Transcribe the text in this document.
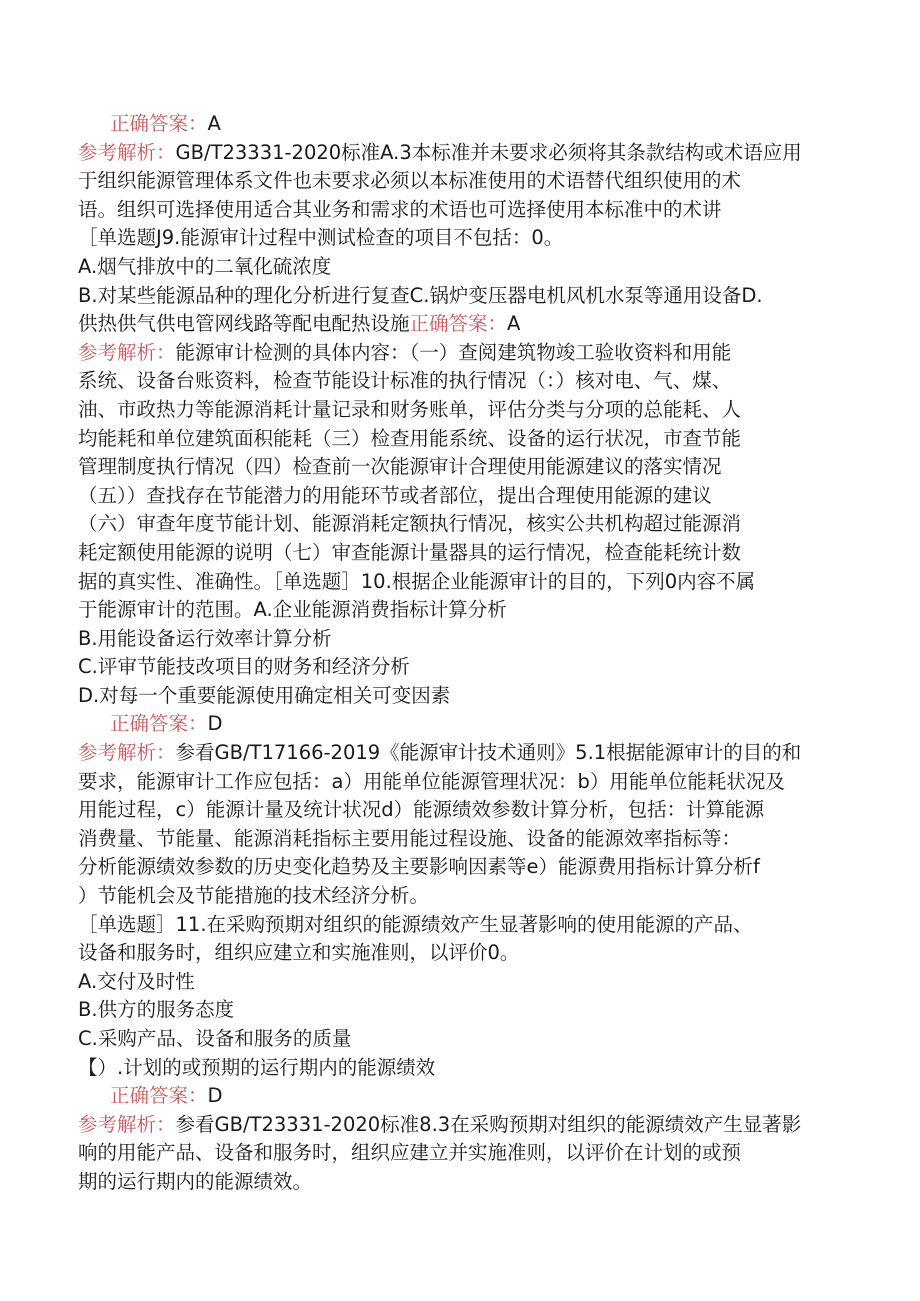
正确答案：A
参考解析：GB/T23331-2020标准A.3本标准并未要求必须将其条款结构或术语应用
于组织能源管理体系文件也未要求必须以本标准使用的术语替代组织使用的术
语。组织可选择使用适合其业务和需求的术语也可选择使用本标准中的术讲
［单选题J9.能源审计过程中测试检查的项目不包括：0。
A.烟气排放中的二氧化硫浓度
B.对某些能源品种的理化分析进行复查C.锅炉变压器电机风机水泵等通用设备D.
供热供气供电管网线路等配电配热设施正确答案：A
参考解析：能源审计检测的具体内容：（一）查阅建筑物竣工验收资料和用能
系统、设备台账资料，检查节能设计标准的执行情况（：）核对电、气、煤、
油、市政热力等能源消耗计量记录和财务账单，评估分类与分项的总能耗、人
均能耗和单位建筑面积能耗（三）检查用能系统、设备的运行状况，市查节能
管理制度执行情况（四）检查前一次能源审计合理使用能源建议的落实情况
（五））查找存在节能潜力的用能环节或者部位，提出合理使用能源的建议
（六）审查年度节能计划、能源消耗定额执行情况，核实公共机构超过能源消
耗定额使用能源的说明（七）审查能源计量器具的运行情况，检查能耗统计数
据的真实性、准确性。［单选题］10.根据企业能源审计的目的，下列0内容不属
于能源审计的范围。A.企业能源消费指标计算分析
B.用能设备运行效率计算分析
C.评审节能技改项目的财务和经济分析
D.对每一个重要能源使用确定相关可变因素
正确答案：D
参考解析：参看GB/T17166-2019《能源审计技术通则》5.1根据能源审计的目的和
要求，能源审计工作应包括：a）用能单位能源管理状况：b）用能单位能耗状况及
用能过程，c）能源计量及统计状况d）能源绩效参数计算分析，包括：计算能源
消费量、节能量、能源消耗指标主要用能过程设施、设备的能源效率指标等：
分析能源绩效参数的历史变化趋势及主要影响因素等e）能源费用指标计算分析f
）节能机会及节能措施的技术经济分析。
［单选题］11.在采购预期对组织的能源绩效产生显著影响的使用能源的产品、
设备和服务时，组织应建立和实施准则，以评价0。
A.交付及时性
B.供方的服务态度
C.采购产品、设备和服务的质量
【）.计划的或预期的运行期内的能源绩效
正确答案：D
参考解析：参看GB/T23331-2020标准8.3在采购预期对组织的能源绩效产生显著影
响的用能产品、设备和服务时，组织应建立并实施准则，以评价在计划的或预
期的运行期内的能源绩效。
